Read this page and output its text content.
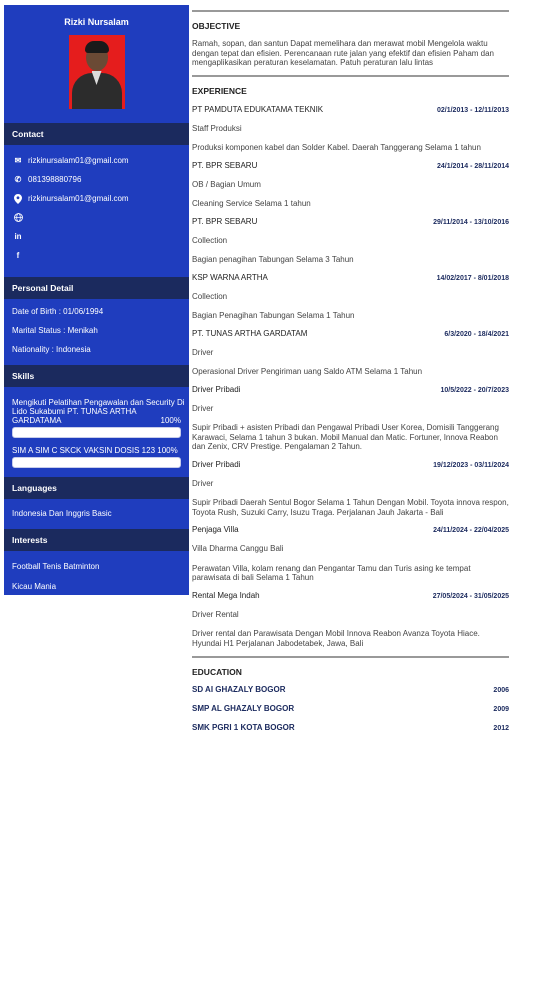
Rizki Nursalam
Contact
✉ rizkinursalam01@gmail.com
✆ 081398880796
rizkinursalam01@gmail.com
in
f
Personal Detail
Date of Birth : 01/06/1994
Marital Status : Menikah
Nationality : Indonesia
Skills
Mengikuti Pelatihan Pengawalan dan Security Di Lido Sukabumi PT. TUNAS ARTHA GARDATAMA	100%
SIM A SIM C SKCK VAKSIN DOSIS 123 100%
Languages
Indonesia Dan Inggris Basic
Interests
Football Tenis Batminton
Kicau Mania
OBJECTIVE
Ramah, sopan, dan santun Dapat memelihara dan merawat mobil Mengelola waktu dengan tepat dan efisien. Perencanaan rute jalan yang efektif dan efisien Paham dan mengaplikasikan peraturan keselamatan. Patuh peraturan lalu lintas
EXPERIENCE
PT PAMDUTA EDUKATAMA TEKNIK	02/1/2013 - 12/11/2013
Staff Produksi
Produksi komponen kabel dan Solder Kabel. Daerah Tanggerang Selama 1 tahun
PT. BPR SEBARU	24/1/2014 - 28/11/2014
OB / Bagian Umum
Cleaning Service Selama 1 tahun
PT. BPR SEBARU	29/11/2014 - 13/10/2016
Collection
Bagian penagihan Tabungan Selama 3 Tahun
KSP WARNA ARTHA	14/02/2017 - 8/01/2018
Collection
Bagian Penagihan Tabungan Selama 1 Tahun
PT. TUNAS ARTHA GARDATAM	6/3/2020 - 18/4/2021
Driver
Operasional Driver Pengiriman uang Saldo ATM Selama 1 Tahun
Driver Pribadi	10/5/2022 - 20/7/2023
Driver
Supir Pribadi + asisten Pribadi dan Pengawal Pribadi User Korea, Domisili Tanggerang Karawaci, Selama 1 tahun 3 bukan. Mobil Manual dan Matic. Fortuner, Innova Reabon dan Zenix, CRV Prestige. Pengalaman 2 Tahun.
Driver Pribadi	19/12/2023 - 03/11/2024
Driver
Supir Pribadi Daerah Sentul Bogor Selama 1 Tahun Dengan Mobil. Toyota innova respon, Toyota Rush, Suzuki Carry, Isuzu Traga. Perjalanan Jauh Jakarta - Bali
Penjaga Villa	24/11/2024 - 22/04/2025
Villa Dharma Canggu Bali
Perawatan Villa, kolam renang dan Pengantar Tamu dan Turis asing ke tempat parawisata di bali Selama 1 Tahun
Rental Mega Indah	27/05/2024 - 31/05/2025
Driver Rental
Driver rental dan Parawisata Dengan Mobil Innova Reabon Avanza Toyota Hiace. Hyundai H1 Perjalanan Jabodetabek, Jawa, Bali
EDUCATION
SD AI GHAZALY BOGOR	2006
SMP AL GHAZALY BOGOR	2009
SMK PGRI 1 KOTA BOGOR	2012
